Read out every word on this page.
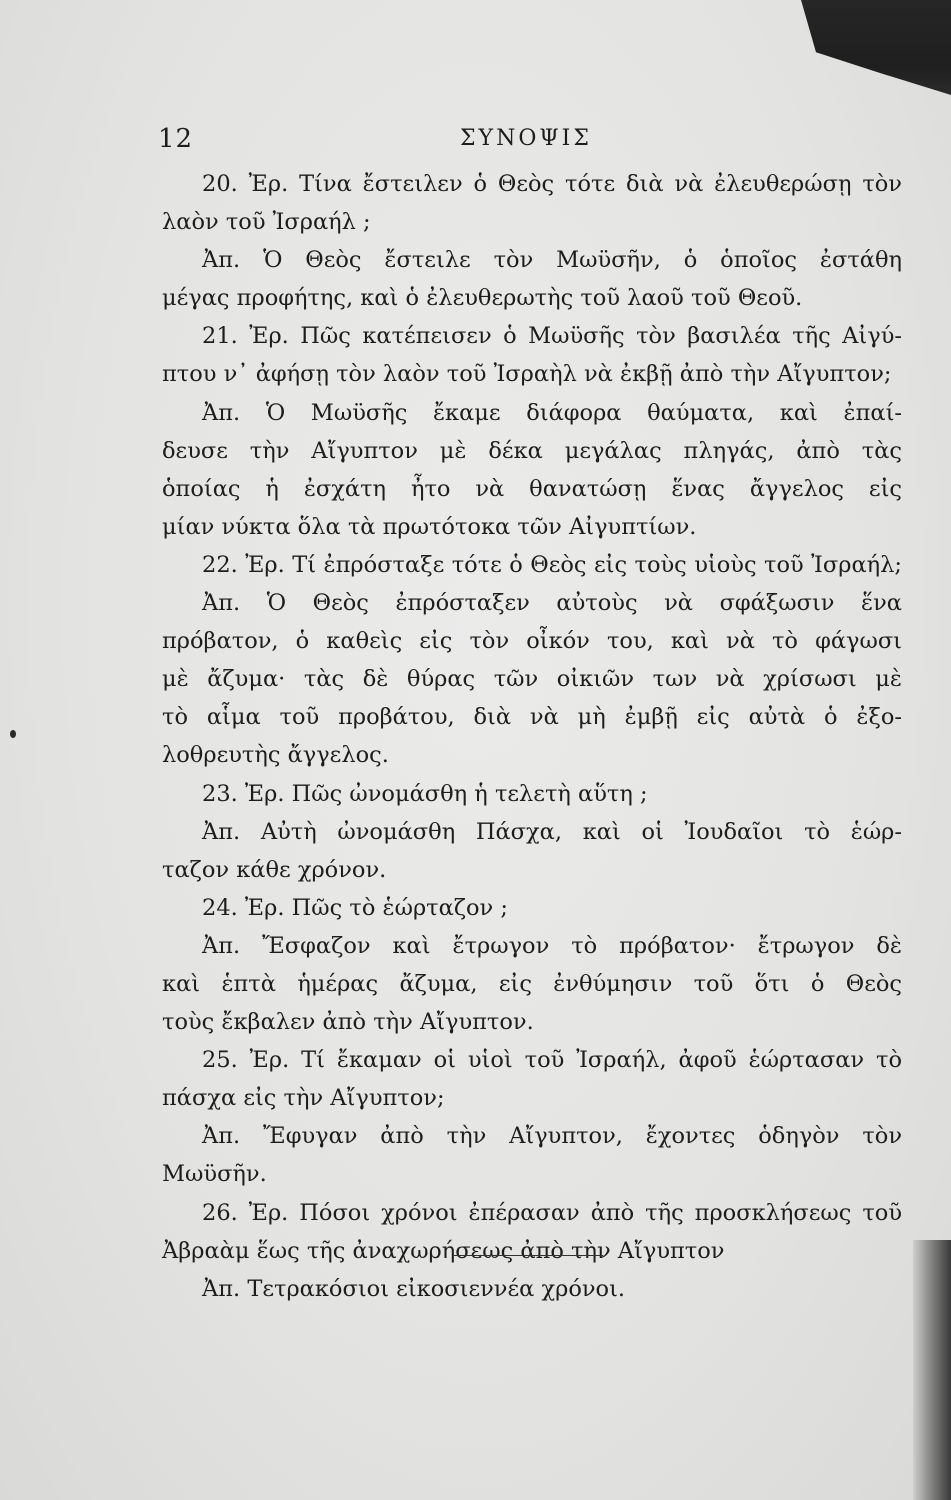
12	ΣΥΝΟΨΙΣ
20. Ἐρ. Τίνα ἔστειλεν ὁ Θεὸς τότε διὰ νὰ ἐλευθερώσῃ τὸν
λαὸν τοῦ Ἰσραήλ ;
Ἀπ. Ὁ Θεὸς ἔστειλε τὸν Μωϋσῆν, ὁ ὁποῖος ἐστάθη
μέγας προφήτης, καὶ ὁ ἐλευθερωτὴς τοῦ λαοῦ τοῦ Θεοῦ.
21. Ἐρ. Πῶς κατέπεισεν ὁ Μωϋσῆς τὸν βασιλέα τῆς Αἰγύ-
πτου ν᾽ ἀφήσῃ τὸν λαὸν τοῦ Ἰσραὴλ νὰ ἐκβῇ ἀπὸ τὴν Αἴγυπτον;
Ἀπ. Ὁ Μωϋσῆς ἔκαμε διάφορα θαύματα, καὶ ἐπαί-
δευσε τὴν Αἴγυπτον μὲ δέκα μεγάλας πληγάς, ἀπὸ τὰς
ὁποίας ἡ ἐσχάτη ἦτο νὰ θανατώσῃ ἕνας ἄγγελος εἰς
μίαν νύκτα ὅλα τὰ πρωτότοκα τῶν Αἰγυπτίων.
22. Ἐρ. Τί ἐπρόσταξε τότε ὁ Θεὸς εἰς τοὺς υἱοὺς τοῦ Ἰσραήλ;
Ἀπ. Ὁ Θεὸς ἐπρόσταξεν αὐτοὺς νὰ σφάξωσιν ἕνα
πρόβατον, ὁ καθεὶς εἰς τὸν οἶκόν του, καὶ νὰ τὸ φάγωσι
μὲ ἄζυμα· τὰς δὲ θύρας τῶν οἰκιῶν των νὰ χρίσωσι μὲ
τὸ αἷμα τοῦ προβάτου, διὰ νὰ μὴ ἐμβῇ εἰς αὐτὰ ὁ ἐξο-
λοθρευτὴς ἄγγελος.
23. Ἐρ. Πῶς ὠνομάσθη ἡ τελετὴ αὕτη ;
Ἀπ. Αὐτὴ ὠνομάσθη Πάσχα, καὶ οἱ Ἰουδαῖοι τὸ ἑώρ-
ταζον κάθε χρόνον.
24. Ἐρ. Πῶς τὸ ἑώρταζον ;
Ἀπ. Ἔσφαζον καὶ ἔτρωγον τὸ πρόβατον· ἔτρωγον δὲ
καὶ ἑπτὰ ἡμέρας ἄζυμα, εἰς ἐνθύμησιν τοῦ ὅτι ὁ Θεὸς
τοὺς ἔκβαλεν ἀπὸ τὴν Αἴγυπτον.
25. Ἐρ. Τί ἔκαμαν οἱ υἱοὶ τοῦ Ἰσραήλ, ἀφοῦ ἑώρτασαν τὸ
πάσχα εἰς τὴν Αἴγυπτον;
Ἀπ. Ἔφυγαν ἀπὸ τὴν Αἴγυπτον, ἔχοντες ὁδηγὸν τὸν
Μωϋσῆν.
26. Ἐρ. Πόσοι χρόνοι ἐπέρασαν ἀπὸ τῆς προσκλήσεως τοῦ
Ἀβραὰμ ἕως τῆς ἀναχωρήσεως ἀπὸ τὴν Αἴγυπτον
Ἀπ. Τετρακόσιοι εἰκοσιεννέα χρόνοι.
